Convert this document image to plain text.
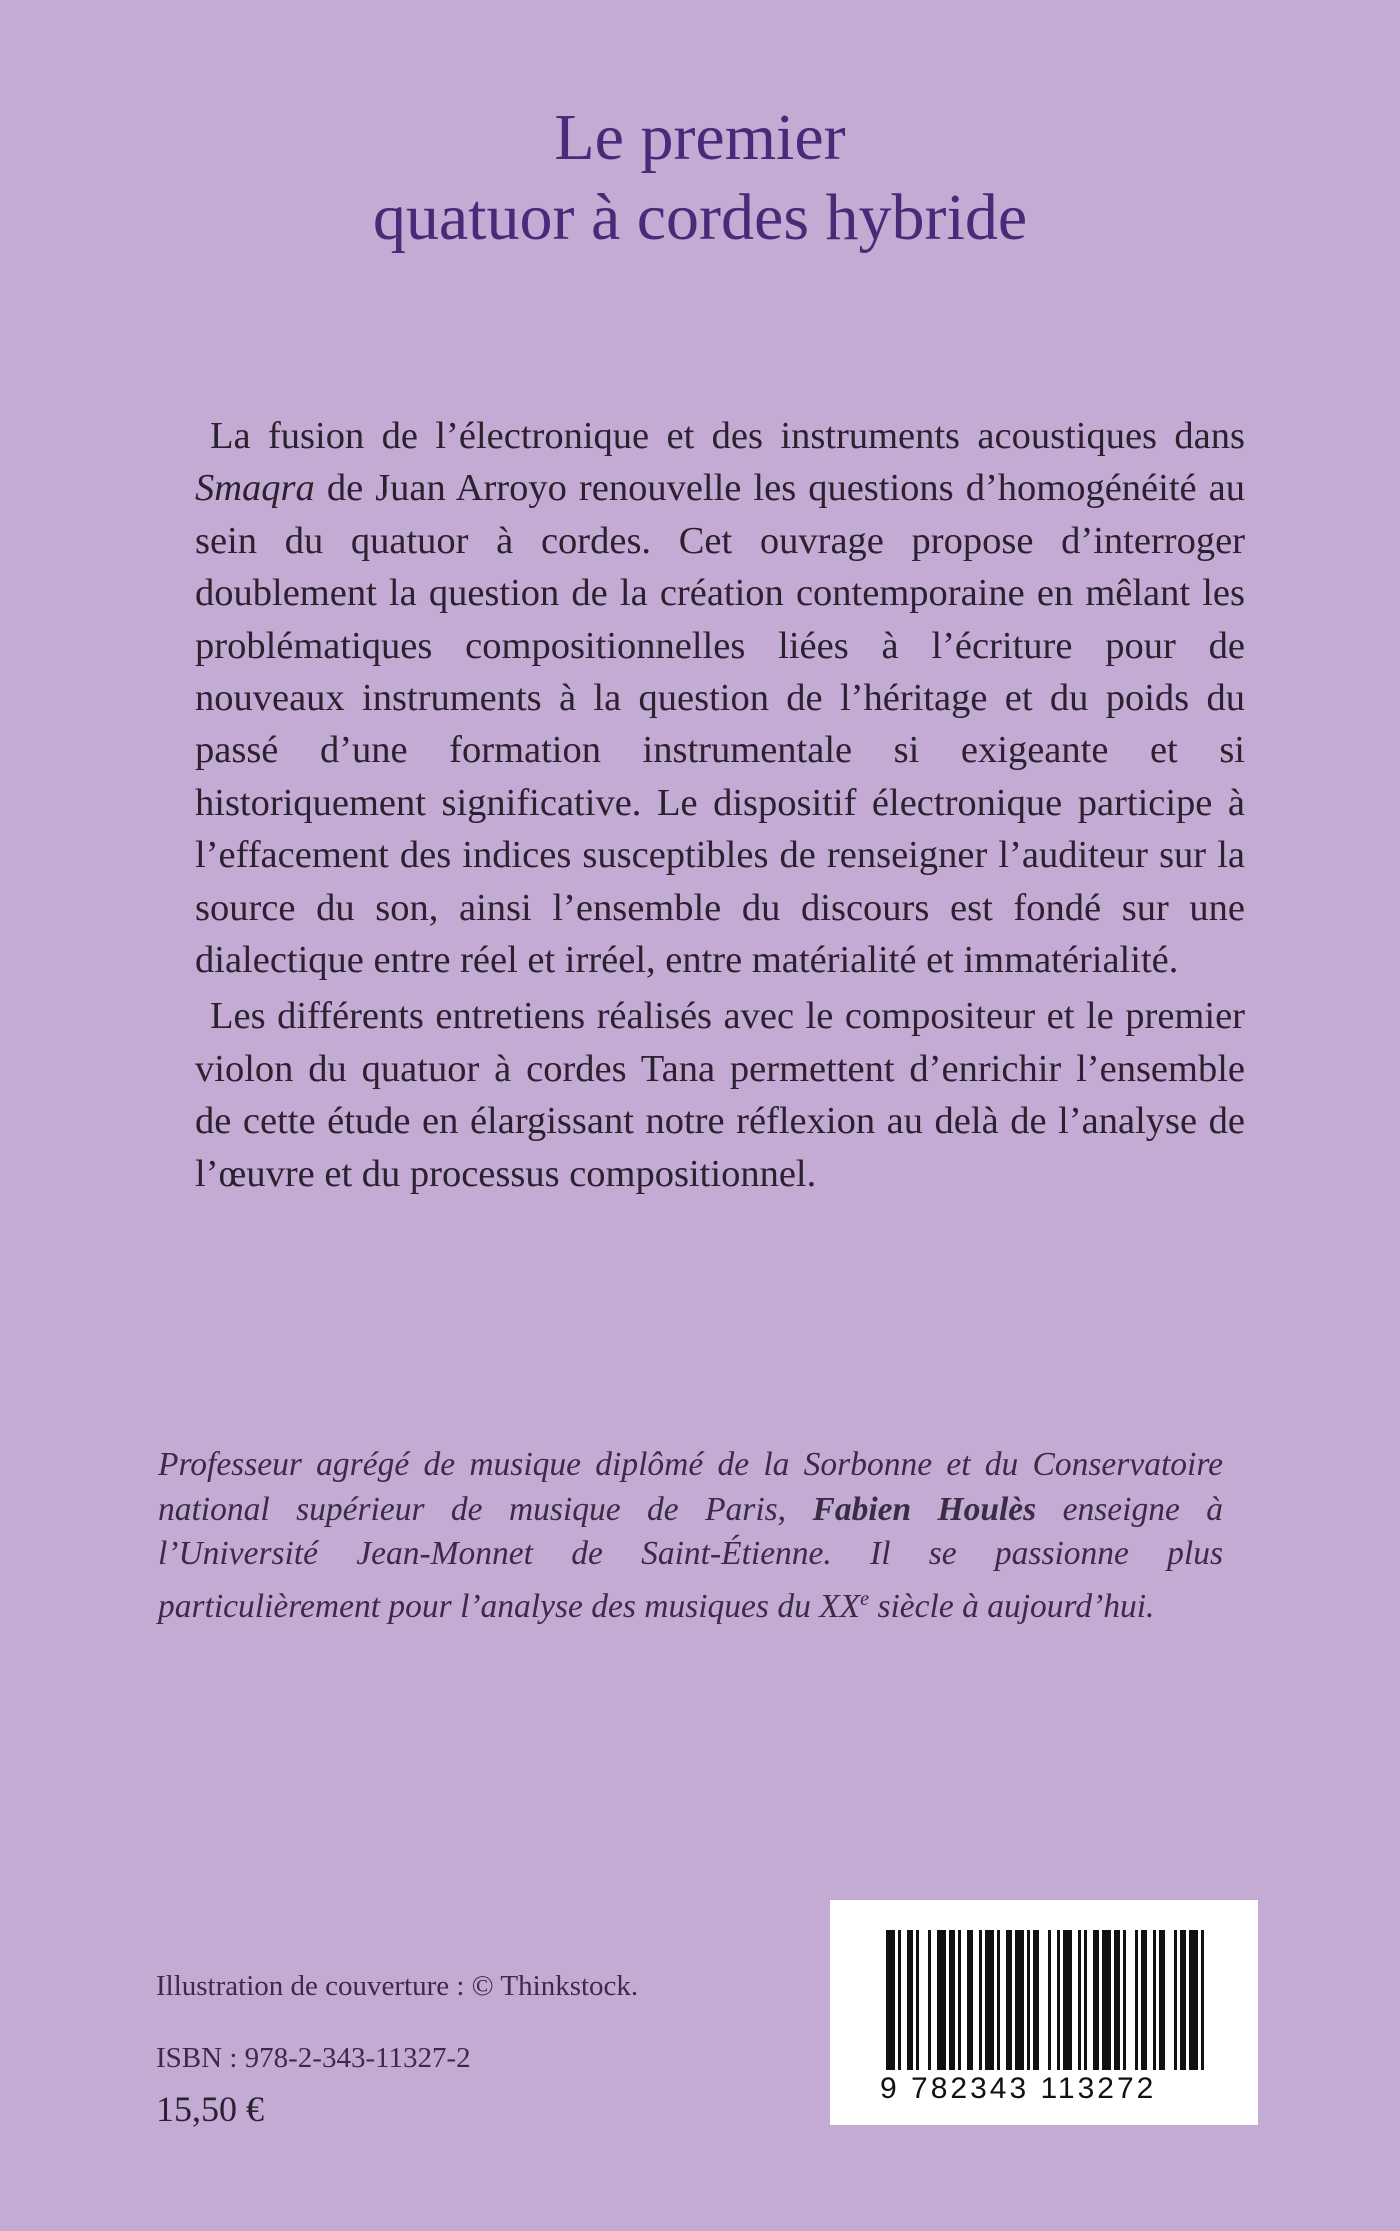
Le premier
quatuor à cordes hybride

La fusion de l’électronique et des instruments acoustiques dans Smaqra de Juan Arroyo renouvelle les questions d’homogénéité au sein du quatuor à cordes. Cet ouvrage propose d’interroger doublement la question de la création contemporaine en mêlant les problématiques compositionnelles liées à l’écriture pour de nouveaux instruments à la question de l’héritage et du poids du passé d’une formation instrumentale si exigeante et si historiquement significative. Le dispositif électronique participe à l’effacement des indices susceptibles de renseigner l’auditeur sur la source du son, ainsi l’ensemble du discours est fondé sur une dialectique entre réel et irréel, entre matérialité et immatérialité.

Les différents entretiens réalisés avec le compositeur et le premier violon du quatuor à cordes Tana permettent d’enrichir l’ensemble de cette étude en élargissant notre réflexion au delà de l’analyse de l’œuvre et du processus compositionnel.

Professeur agrégé de musique diplômé de la Sorbonne et du Conservatoire national supérieur de musique de Paris, Fabien Houlès enseigne à l’Université Jean-Monnet de Saint-Étienne. Il se passionne plus particulièrement pour l’analyse des musiques du XXe siècle à aujourd’hui.
Illustration de couverture : © Thinkstock.
ISBN : 978-2-343-11327-2
15,50 €
9 782343 113272
